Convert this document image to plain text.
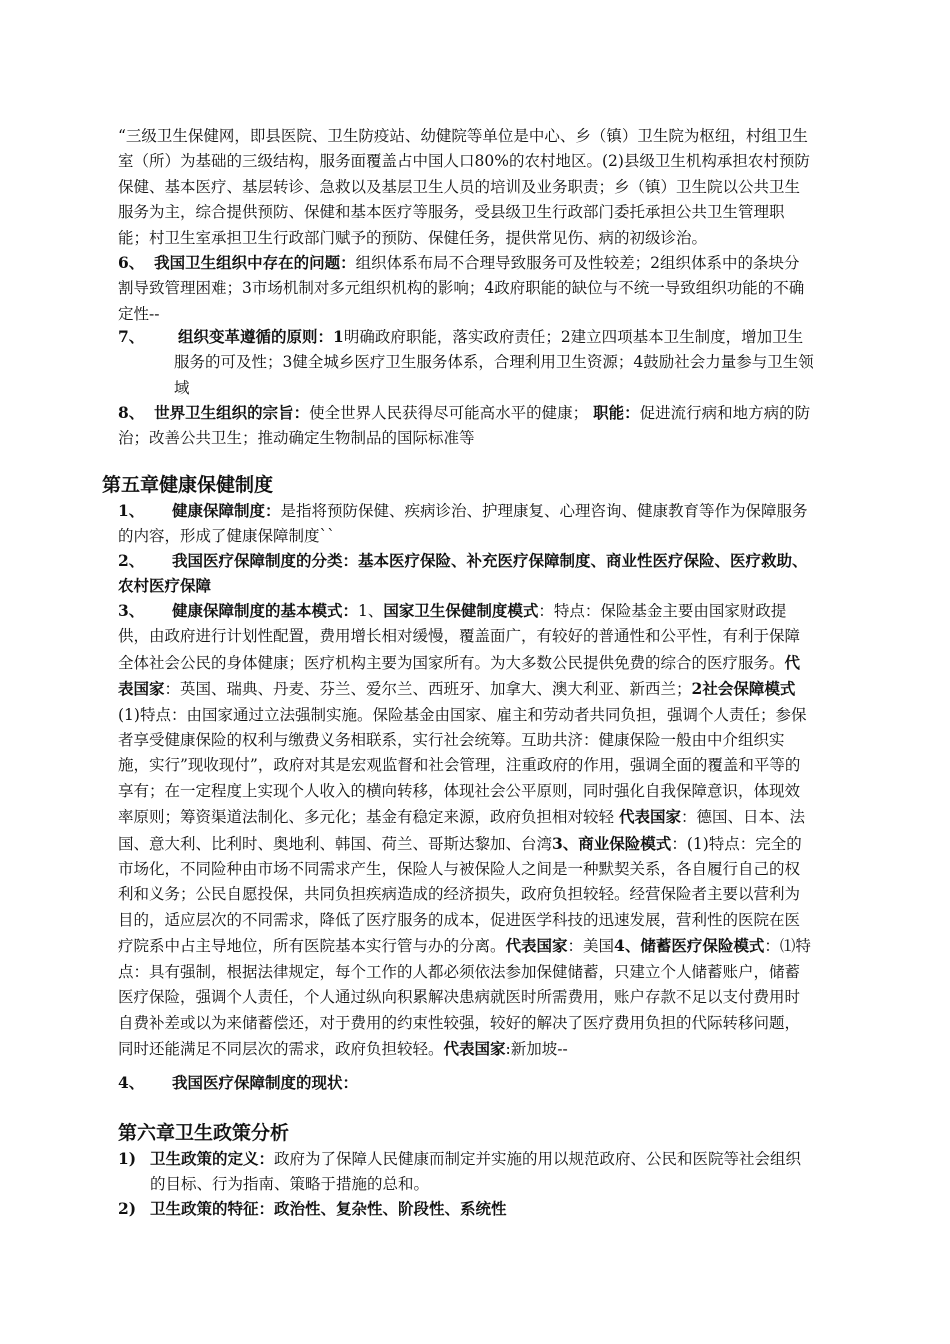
“三级卫生保健网，即县医院、卫生防疫站、幼健院等单位是中心、乡（镇）卫生院为枢纽，村组卫生室（所）为基础的三级结构，服务面覆盖占中国人口80%的农村地区。(2)县级卫生机构承担农村预防保健、基本医疗、基层转诊、急救以及基层卫生人员的培训及业务职责；乡（镇）卫生院以公共卫生服务为主，综合提供预防、保健和基本医疗等服务，受县级卫生行政部门委托承担公共卫生管理职能；村卫生室承担卫生行政部门赋予的预防、保健任务，提供常见伤、病的初级诊治。

6、 我国卫生组织中存在的问题：组织体系布局不合理导致服务可及性较差；2组织体系中的条块分割导致管理困难；3市场机制对多元组织机构的影响；4政府职能的缺位与不统一导致组织功能的不确定性--

7、 组织变革遵循的原则：1明确政府职能，落实政府责任；2建立四项基本卫生制度，增加卫生服务的可及性；3健全城乡医疗卫生服务体系，合理利用卫生资源；4鼓励社会力量参与卫生领域

8、 世界卫生组织的宗旨：使全世界人民获得尽可能高水平的健康； 职能：促进流行病和地方病的防治；改善公共卫生；推动确定生物制品的国际标准等

第五章健康保健制度
1、	健康保障制度：是指将预防保健、疾病诊治、护理康复、心理咨询、健康教育等作为保障服务的内容，形成了健康保障制度``

2、	我国医疗保障制度的分类：基本医疗保险、补充医疗保障制度、商业性医疗保险、医疗救助、农村医疗保障

3、	健康保障制度的基本模式：1、国家卫生保健制度模式：特点：保险基金主要由国家财政提供，由政府进行计划性配置，费用增长相对缓慢，覆盖面广，有较好的普通性和公平性，有利于保障全体社会公民的身体健康；医疗机构主要为国家所有。为大多数公民提供免费的综合的医疗服务。代表国家：英国、瑞典、丹麦、芬兰、爱尔兰、西班牙、加拿大、澳大利亚、新西兰；2社会保障模式(1)特点：由国家通过立法强制实施。保险基金由国家、雇主和劳动者共同负担，强调个人责任；参保者享受健康保险的权利与缴费义务相联系，实行社会统筹。互助共济：健康保险一般由中介组织实施，实行”现收现付”，政府对其是宏观监督和社会管理，注重政府的作用，强调全面的覆盖和平等的享有；在一定程度上实现个人收入的横向转移，体现社会公平原则，同时强化自我保障意识，体现效率原则；筹资渠道法制化、多元化；基金有稳定来源，政府负担相对较轻 代表国家：德国、日本、法国、意大利、比利时、奥地利、韩国、荷兰、哥斯达黎加、台湾3、商业保险模式：(1)特点：完全的市场化，不同险种由市场不同需求产生，保险人与被保险人之间是一种默契关系，各自履行自己的权利和义务；公民自愿投保，共同负担疾病造成的经济损失，政府负担较轻。经营保险者主要以营利为目的，适应层次的不同需求，降低了医疗服务的成本，促进医学科技的迅速发展，营利性的医院在医疗院系中占主导地位，所有医院基本实行管与办的分离。代表国家：美国4、储蓄医疗保险模式：⑴特点：具有强制，根据法律规定，每个工作的人都必须依法参加保健储蓄，只建立个人储蓄账户，储蓄医疗保险，强调个人责任，个人通过纵向积累解决患病就医时所需费用，账户存款不足以支付费用时自费补差或以为来储蓄偿还，对于费用的约束性较强，较好的解决了医疗费用负担的代际转移问题，同时还能满足不同层次的需求，政府负担较轻。代表国家:新加坡--

4、	我国医疗保障制度的现状：

第六章卫生政策分析
1) 卫生政策的定义：政府为了保障人民健康而制定并实施的用以规范政府、公民和医院等社会组织的目标、行为指南、策略于措施的总和。

2) 卫生政策的特征：政治性、复杂性、阶段性、系统性
